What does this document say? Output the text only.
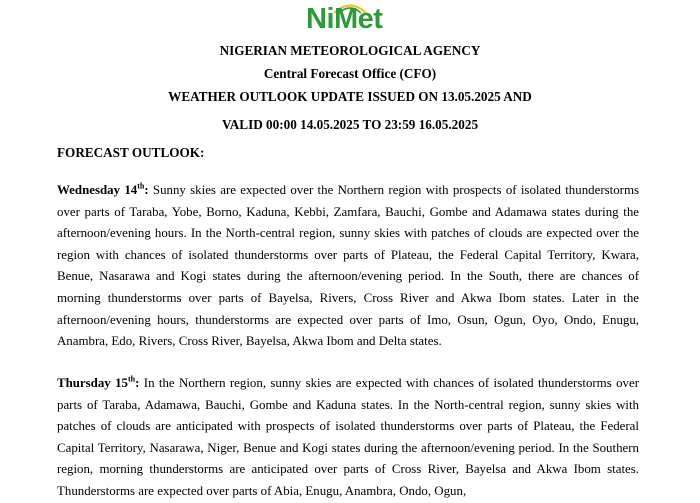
NiMet
NIGERIAN METEOROLOGICAL AGENCY
Central Forecast Office (CFO)
WEATHER OUTLOOK UPDATE ISSUED ON 13.05.2025 AND
VALID 00:00 14.05.2025 TO 23:59 16.05.2025
FORECAST OUTLOOK:

Wednesday 14th: Sunny skies are expected over the Northern region with prospects of isolated thunderstorms over parts of Taraba, Yobe, Borno, Kaduna, Kebbi, Zamfara, Bauchi, Gombe and Adamawa states during the afternoon/evening hours. In the North-central region, sunny skies with patches of clouds are expected over the region with chances of isolated thunderstorms over parts of Plateau, the Federal Capital Territory, Kwara, Benue, Nasarawa and Kogi states during the afternoon/evening period. In the South, there are chances of morning thunderstorms over parts of Bayelsa, Rivers, Cross River and Akwa Ibom states. Later in the afternoon/evening hours, thunderstorms are expected over parts of Imo, Osun, Ogun, Oyo, Ondo, Enugu, Anambra, Edo, Rivers, Cross River, Bayelsa, Akwa Ibom and Delta states.

Thursday 15th: In the Northern region, sunny skies are expected with chances of isolated thunderstorms over parts of Taraba, Adamawa, Bauchi, Gombe and Kaduna states. In the North-central region, sunny skies with patches of clouds are anticipated with prospects of isolated thunderstorms over parts of Plateau, the Federal Capital Territory, Nasarawa, Niger, Benue and Kogi states during the afternoon/evening period. In the Southern region, morning thunderstorms are anticipated over parts of Cross River, Bayelsa and Akwa Ibom states. Thunderstorms are expected over parts of Abia, Enugu, Anambra, Ondo, Ogun,
